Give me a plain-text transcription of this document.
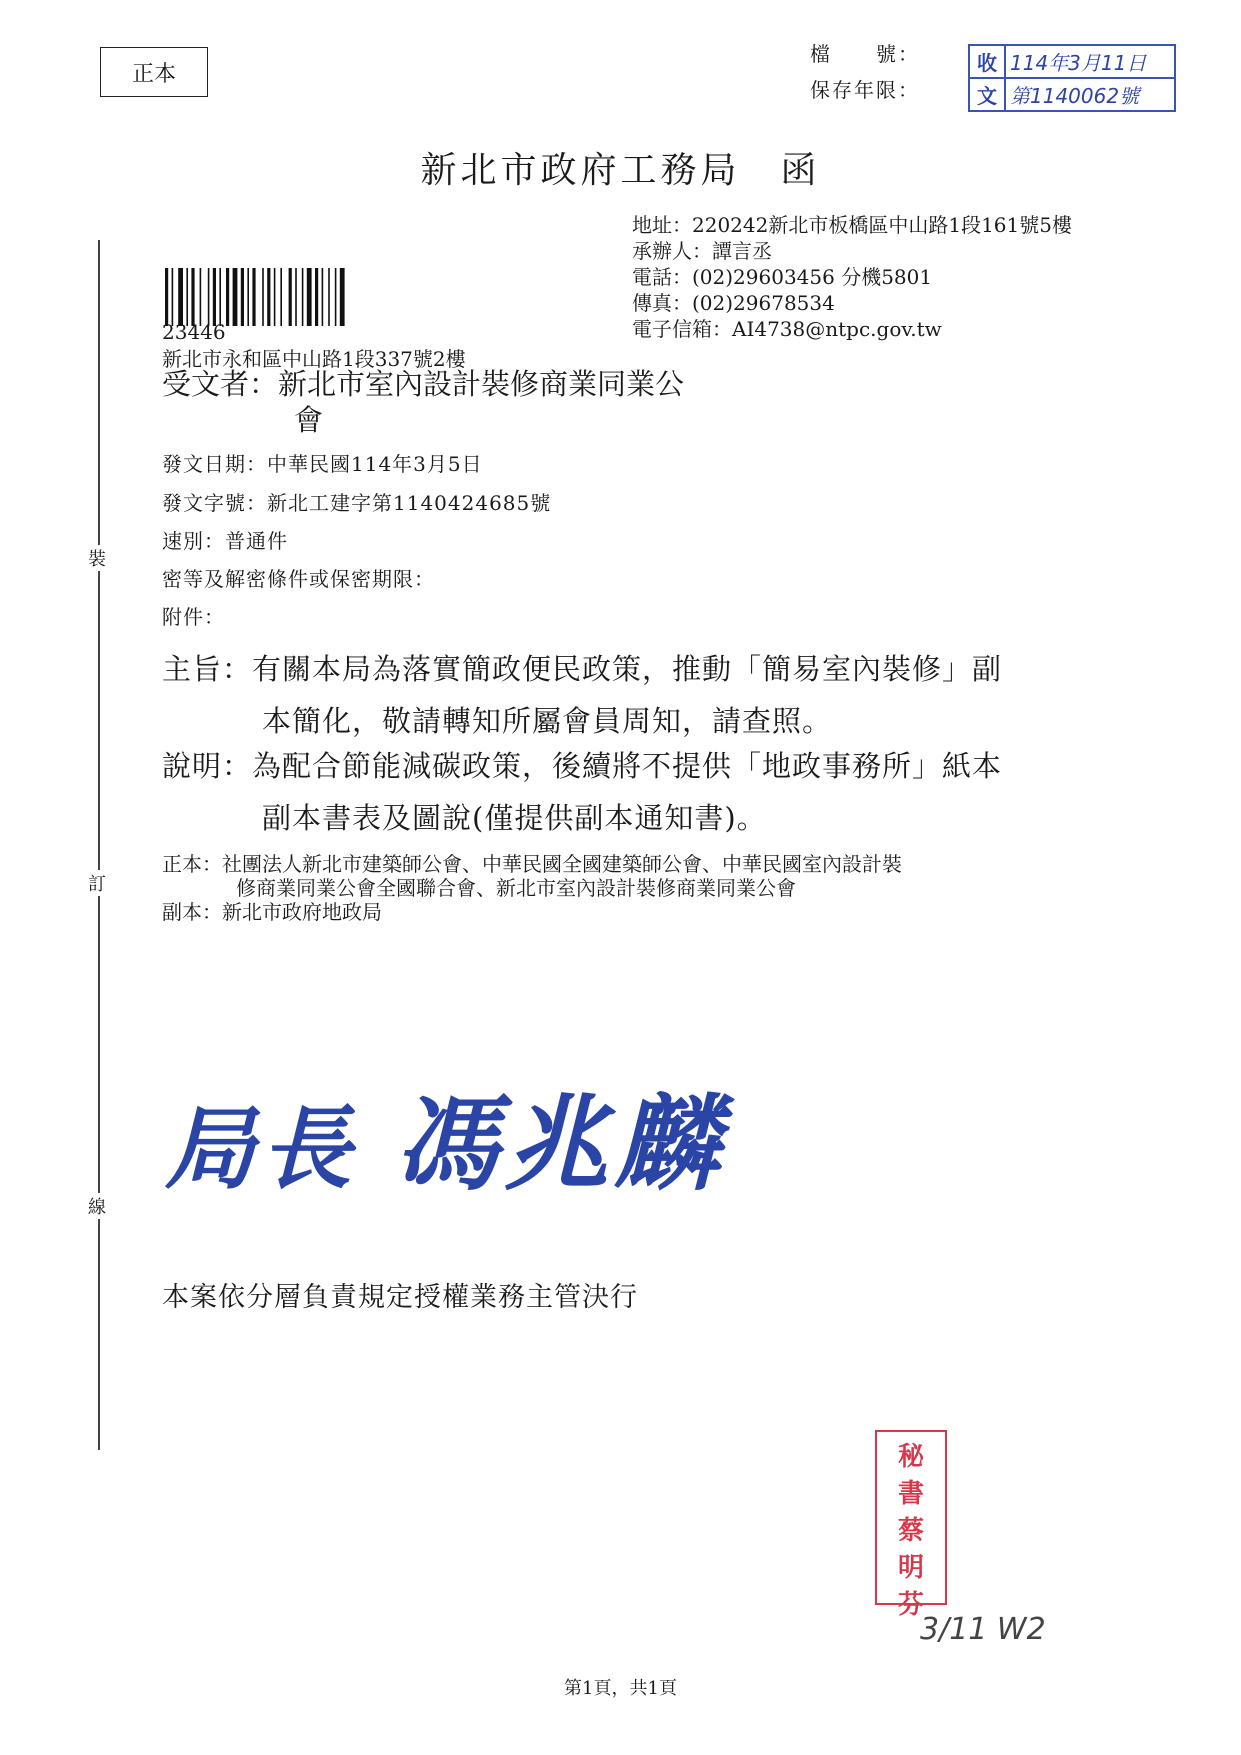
正本
檔　　號：
保存年限：
收
文
114年3月11日
第1140062號
新北市政府工務局　函
地址：220242新北市板橋區中山路1段161號5樓
承辦人：譚言丞
電話：(02)29603456 分機5801
傳真：(02)29678534
電子信箱：AI4738@ntpc.gov.tw
23446
新北市永和區中山路1段337號2樓
受文者：新北市室內設計裝修商業同業公
會
發文日期：中華民國114年3月5日
發文字號：新北工建字第1140424685號
速別：普通件
密等及解密條件或保密期限：
附件：
主旨：有關本局為落實簡政便民政策，推動「簡易室內裝修」副
本簡化，敬請轉知所屬會員周知，請查照。
說明：為配合節能減碳政策，後續將不提供「地政事務所」紙本
副本書表及圖說(僅提供副本通知書)。
正本：社團法人新北市建築師公會、中華民國全國建築師公會、中華民國室內設計裝
修商業同業公會全國聯合會、新北市室內設計裝修商業同業公會
副本：新北市政府地政局
裝
訂
線
局長 馮兆麟
本案依分層負責規定授權業務主管決行
秘
書
蔡
明
芬
3/11 W2
第1頁，共1頁
